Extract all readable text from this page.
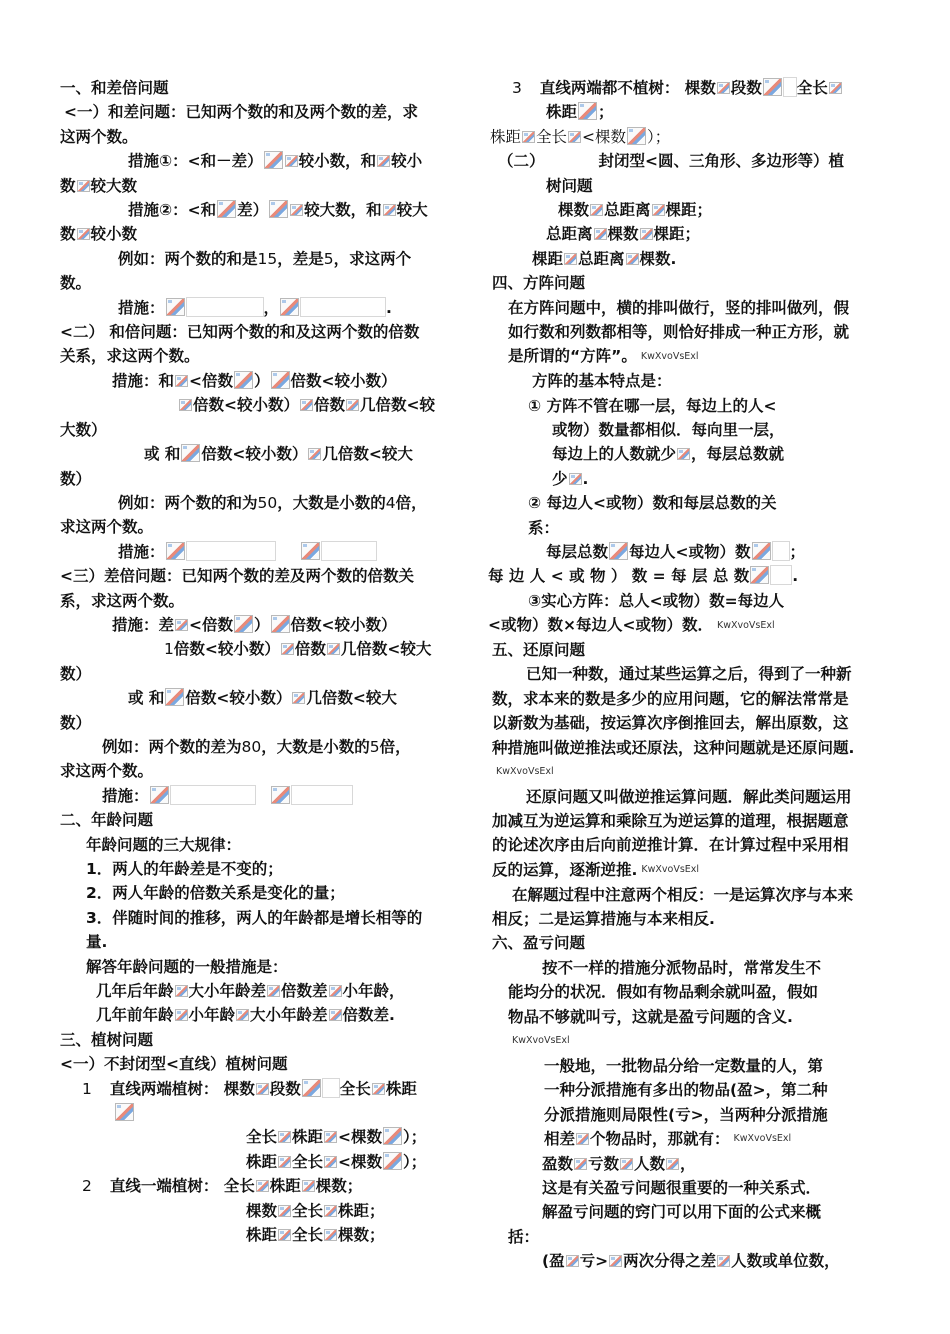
一、和差倍问题
<一）和差问题：已知两个数的和及两个数的差，求
这两个数。
措施①：<和－差） 较小数，和 较小
数 较大数
措施②：<和 差） 较大数，和 较大
数 较小数
例如：两个数的和是15，差是5，求这两个
数。
措施：	，	.
<二） 和倍问题：已知两个数的和及这两个数的倍数
关系，求这两个数。
措施：和 <倍数 ） 倍数<较小数）
倍数<较小数） 倍数 几倍数<较
大数）
或 和 倍数<较小数） 几倍数<较大
数）
例如：两个数的和为50，大数是小数的4倍，
求这两个数。
措施：
<三）差倍问题：已知两个数的差及两个数的倍数关
系，求这两个数。
措施：差 <倍数 ） 倍数<较小数）
1倍数<较小数） 倍数 几倍数<较大
数）
或 和 倍数<较小数） 几倍数<较大
数）
例如：两个数的差为80，大数是小数的5倍，
求这两个数。
措施：
二、年龄问题
年龄问题的三大规律：
1．两人的年龄差是不变的；
2．两人年龄的倍数关系是变化的量；
3．伴随时间的推移，两人的年龄都是增长相等的
量.
解答年龄问题的一般措施是：
几年后年龄 大小年龄差 倍数差 小年龄，
几年前年龄 小年龄 大小年龄差 倍数差.
三、植树问题
<一）不封闭型<直线）植树问题
1 直线两端植树： 棵数 段数	全长 株距
全长 株距 <棵数 ）；
株距 全长 <棵数 ）；
2 直线一端植树： 全长 株距 棵数；
棵数 全长 株距；
株距 全长 棵数；
3 直线两端都不植树： 棵数 段数 全长
株距 ；
株距 全长 <棵数 ）；
（二）	封闭型<圆、三角形、多边形等）植
树问题
棵数 总距离 棵距；
总距离 棵数 棵距；
棵距 总距离 棵数.
四、方阵问题
在方阵问题中，横的排叫做行，竖的排叫做列，假
如行数和列数都相等，则恰好排成一种正方形，就
是所谓的“方阵”。 KwXvoVsExl
方阵的基本特点是：
① 方阵不管在哪一层，每边上的人<
或物）数量都相似．每向里一层，
每边上的人数就少 ，每层总数就
少 .
② 每边人<或物）数和每层总数的关
系：
每层总数 每边人<或物）数	；
每 边 人 < 或 物 ） 数 = 每 层 总 数	.
③实心方阵：总人<或物）数=每边人
<或物）数×每边人<或物）数． KwXvoVsExl
五、还原问题
已知一种数，通过某些运算之后，得到了一种新
数，求本来的数是多少的应用问题，它的解法常常是
以新数为基础，按运算次序倒推回去，解出原数，这
种措施叫做逆推法或还原法，这种问题就是还原问题.
KwXvoVsExl
还原问题又叫做逆推运算问题．解此类问题运用
加减互为逆运算和乘除互为逆运算的道理，根据题意
的论述次序由后向前逆推计算．在计算过程中采用相
反的运算，逐渐逆推. KwXvoVsExl
在解题过程中注意两个相反：一是运算次序与本来
相反；二是运算措施与本来相反.
六、盈亏问题
按不一样的措施分派物品时，常常发生不
能均分的状况．假如有物品剩余就叫盈，假如
物品不够就叫亏，这就是盈亏问题的含义.
KwXvoVsExl
一般地，一批物品分给一定数量的人，第
一种分派措施有多出的物品(盈>，第二种
分派措施则局限性(亏>，当两种分派措施
相差 个物品时，那就有： KwXvoVsExl
盈数 亏数 人数 ，
这是有关盈亏问题很重要的一种关系式．
解盈亏问题的窍门可以用下面的公式来概
括：
(盈 亏> 两次分得之差 人数或单位数，
